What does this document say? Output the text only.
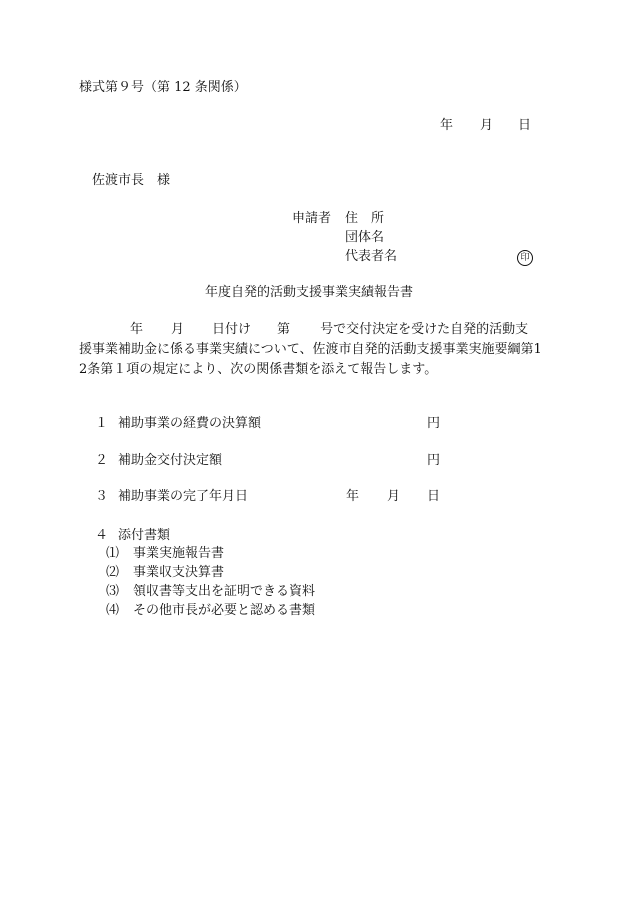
様式第９号（第 12 条関係）
年 月 日
佐渡市長　様
申請者 住　所
団体名
代表者名	印
年度自発的活動支援事業実績報告書
年 月 日付け 第 号で交付決定を受けた自発的活動支
援事業補助金に係る事業実績について、佐渡市自発的活動支援事業実施要綱第1
2条第１項の規定により、次の関係書類を添えて報告します。
１ 補助事業の経費の決算額	円
２ 補助金交付決定額	円
３ 補助事業の完了年月日	年 月 日
４ 添付書類
⑴ 事業実施報告書
⑵ 事業収支決算書
⑶ 領収書等支出を証明できる資料
⑷ その他市長が必要と認める書類
